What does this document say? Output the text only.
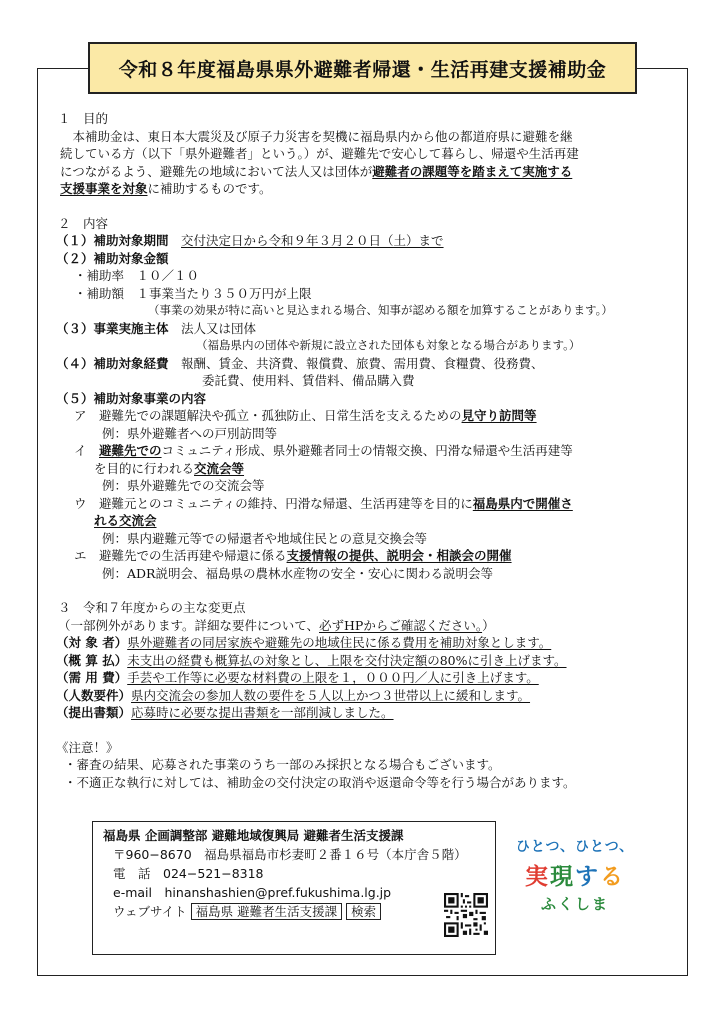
令和８年度福島県県外避難者帰還・生活再建支援補助金
１　目的
　本補助金は、東日本大震災及び原子力災害を契機に福島県内から他の都道府県に避難を継
続している方（以下「県外避難者」という。）が、避難先で安心して暮らし、帰還や生活再建
につながるよう、避難先の地域において法人又は団体が避難者の課題等を踏まえて実施する
支援事業を対象に補助するものです。
２　内容
（１）補助対象期間　 交付決定日から令和９年３月２０日（土）まで
（２）補助対象金額
・補助率　１０／１０
・補助額　１事業当たり３５０万円が上限
（事業の効果が特に高いと見込まれる場合、知事が認める額を加算することがあります。）
（３）事業実施主体　 法人又は団体
（福島県内の団体や新規に設立された団体も対象となる場合があります。）
（４）補助対象経費　 報酬、賃金、共済費、報償費、旅費、需用費、食糧費、役務費、
委託費、使用料、賃借料、備品購入費
（５）補助対象事業の内容
ア　 避難先での課題解決や孤立・孤独防止、日常生活を支えるための見守り訪問等
例：県外避難者への戸別訪問等
イ　 避難先でのコミュニティ形成、県外避難者同士の情報交換、円滑な帰還や生活再建等
を目的に行われる交流会等
例：県外避難先での交流会等
ウ　 避難元とのコミュニティの維持、円滑な帰還、生活再建等を目的に福島県内で開催さ
れる交流会
例：県内避難元等での帰還者や地域住民との意見交換会等
エ　 避難先での生活再建や帰還に係る支援情報の提供、説明会・相談会の開催
例：ADR説明会、福島県の農林水産物の安全・安心に関わる説明会等
３　令和７年度からの主な変更点
（一部例外があります。詳細な要件について、必ずHPからご確認ください。）
（対 象 者）県外避難者の同居家族や避難先の地域住民に係る費用を補助対象とします。
（概 算 払）未支出の経費も概算払の対象とし、上限を交付決定額の80%に引き上げます。
（需 用 費）手芸や工作等に必要な材料費の上限を１，０００円／人に引き上げます。
（人数要件）県内交流会の参加人数の要件を５人以上かつ３世帯以上に緩和します。
（提出書類）応募時に必要な提出書類を一部削減しました。
《注意！》
・審査の結果、応募された事業のうち一部のみ採択となる場合もございます。
・不適正な執行に対しては、補助金の交付決定の取消や返還命令等を行う場合があります。
福島県 企画調整部 避難地域復興局 避難者生活支援課
〒960−8670　福島県福島市杉妻町２番１６号（本庁舎５階）
電　話　 024−521−8318
e-mail　 hinanshashien@pref.fukushima.lg.jp
ウェブサイト 福島県 避難者生活支援課 検索
ひとつ、ひとつ、
実現する
ふくしま
